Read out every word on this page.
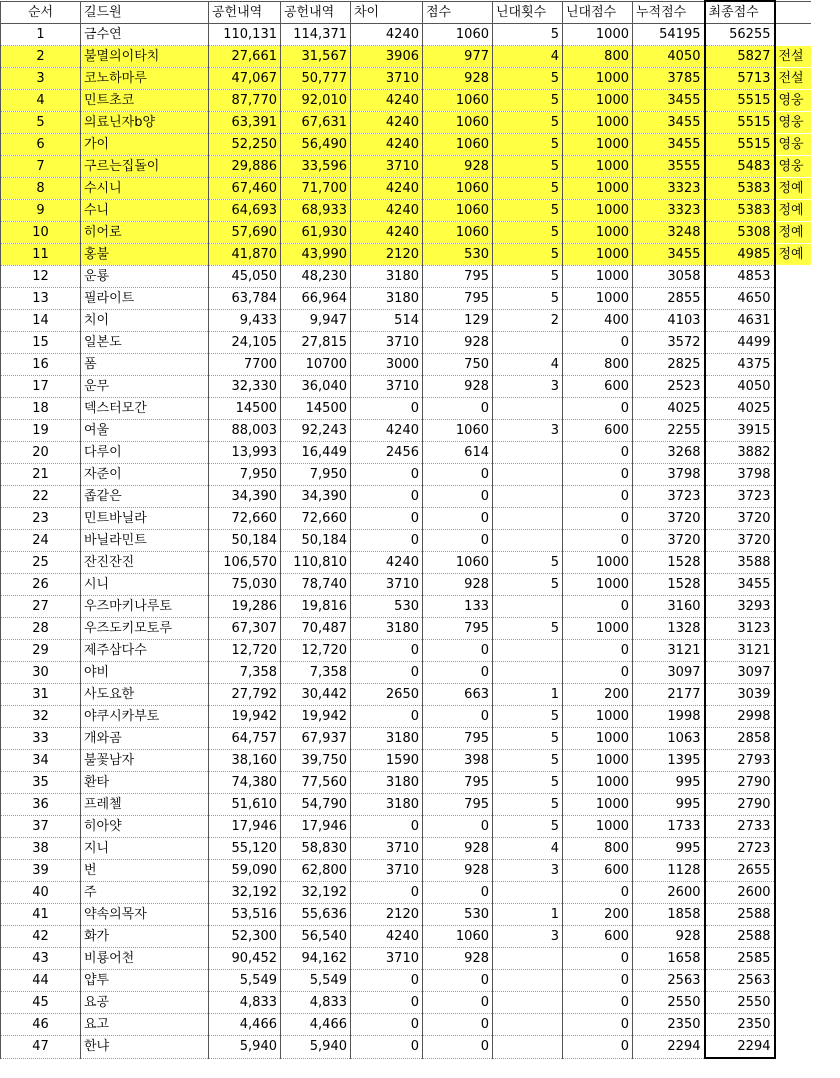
순서	길드원	공헌내역	공헌내역	차이	점수	닌대횟수	닌대점수	누적점수	최종점수	
1	금수연	110,131	114,371	4240	1060	5	1000	54195	56255	
2	불멸의이타치	27,661	31,567	3906	977	4	800	4050	5827	전설
3	코노하마루	47,067	50,777	3710	928	5	1000	3785	5713	전설
4	민트초코	87,770	92,010	4240	1060	5	1000	3455	5515	영웅
5	의료닌자b양	63,391	67,631	4240	1060	5	1000	3455	5515	영웅
6	가이	52,250	56,490	4240	1060	5	1000	3455	5515	영웅
7	구르는집돌이	29,886	33,596	3710	928	5	1000	3555	5483	영웅
8	수시니	67,460	71,700	4240	1060	5	1000	3323	5383	정예
9	수니	64,693	68,933	4240	1060	5	1000	3323	5383	정예
10	히어로	57,690	61,930	4240	1060	5	1000	3248	5308	정예
11	홍불	41,870	43,990	2120	530	5	1000	3455	4985	정예
12	운룡	45,050	48,230	3180	795	5	1000	3058	4853	
13	필라이트	63,784	66,964	3180	795	5	1000	2855	4650	
14	치이	9,433	9,947	514	129	2	400	4103	4631	
15	일본도	24,105	27,815	3710	928		0	3572	4499	
16	폼	7700	10700	3000	750	4	800	2825	4375	
17	운무	32,330	36,040	3710	928	3	600	2523	4050	
18	덱스터모간	14500	14500	0	0		0	4025	4025	
19	여울	88,003	92,243	4240	1060	3	600	2255	3915	
20	다루이	13,993	16,449	2456	614		0	3268	3882	
21	자준이	7,950	7,950	0	0		0	3798	3798	
22	좁같은	34,390	34,390	0	0		0	3723	3723	
23	민트바닐라	72,660	72,660	0	0		0	3720	3720	
24	바닐라민트	50,184	50,184	0	0		0	3720	3720	
25	잔진잔진	106,570	110,810	4240	1060	5	1000	1528	3588	
26	시니	75,030	78,740	3710	928	5	1000	1528	3455	
27	우즈마키나루토	19,286	19,816	530	133		0	3160	3293	
28	우즈도키모토루	67,307	70,487	3180	795	5	1000	1328	3123	
29	제주삼다수	12,720	12,720	0	0		0	3121	3121	
30	야비	7,358	7,358	0	0		0	3097	3097	
31	사도요한	27,792	30,442	2650	663	1	200	2177	3039	
32	야쿠시카부토	19,942	19,942	0	0	5	1000	1998	2998	
33	개와곰	64,757	67,937	3180	795	5	1000	1063	2858	
34	불꽃남자	38,160	39,750	1590	398	5	1000	1395	2793	
35	환타	74,380	77,560	3180	795	5	1000	995	2790	
36	프레첼	51,610	54,790	3180	795	5	1000	995	2790	
37	히아얏	17,946	17,946	0	0	5	1000	1733	2733	
38	지니	55,120	58,830	3710	928	4	800	995	2723	
39	번	59,090	62,800	3710	928	3	600	1128	2655	
40	주	32,192	32,192	0	0		0	2600	2600	
41	약속의목자	53,516	55,636	2120	530	1	200	1858	2588	
42	화가	52,300	56,540	4240	1060	3	600	928	2588	
43	비룡어천	90,452	94,162	3710	928		0	1658	2585	
44	얍투	5,549	5,549	0	0		0	2563	2563	
45	요공	4,833	4,833	0	0		0	2550	2550	
46	요고	4,466	4,466	0	0		0	2350	2350	
47	한냐	5,940	5,940	0	0		0	2294	2294	
